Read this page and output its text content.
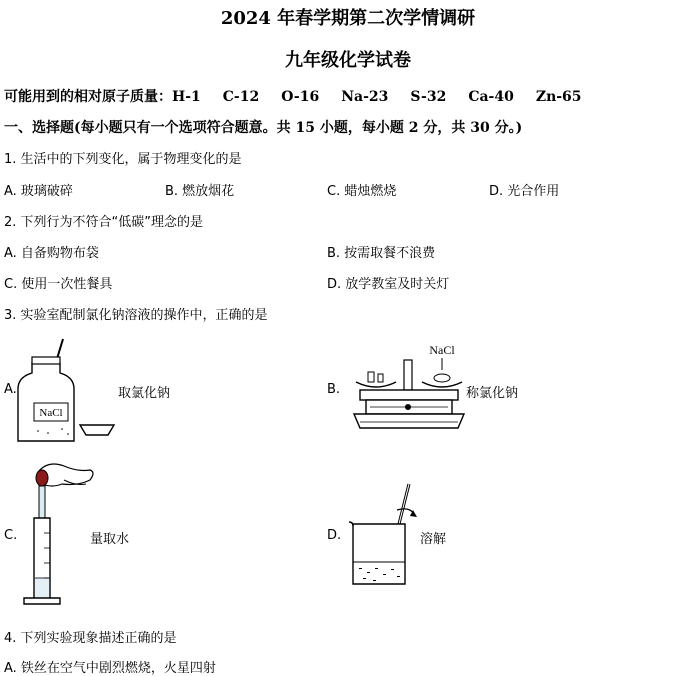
2024 年春学期第二次学情调研
九年级化学试卷
可能用到的相对原子质量：H-1 C-12 O-16 Na-23 S-32 Ca-40 Zn-65
一、选择题(每小题只有一个选项符合题意。共 15 小题，每小题 2 分，共 30 分。)
1. 生活中的下列变化，属于物理变化的是
A. 玻璃破碎	B. 燃放烟花	C. 蜡烛燃烧	D. 光合作用
2. 下列行为不符合“低碳”理念的是
A. 自备购物布袋	B. 按需取餐不浪费
C. 使用一次性餐具	D. 放学教室及时关灯
3. 实验室配制氯化钠溶液的操作中，正确的是
A.
NaCl
取氯化钠	B.
NaCl
称氯化钠
C.	量取水	D.	溶解
4. 下列实验现象描述正确的是
A. 铁丝在空气中剧烈燃烧，火星四射
